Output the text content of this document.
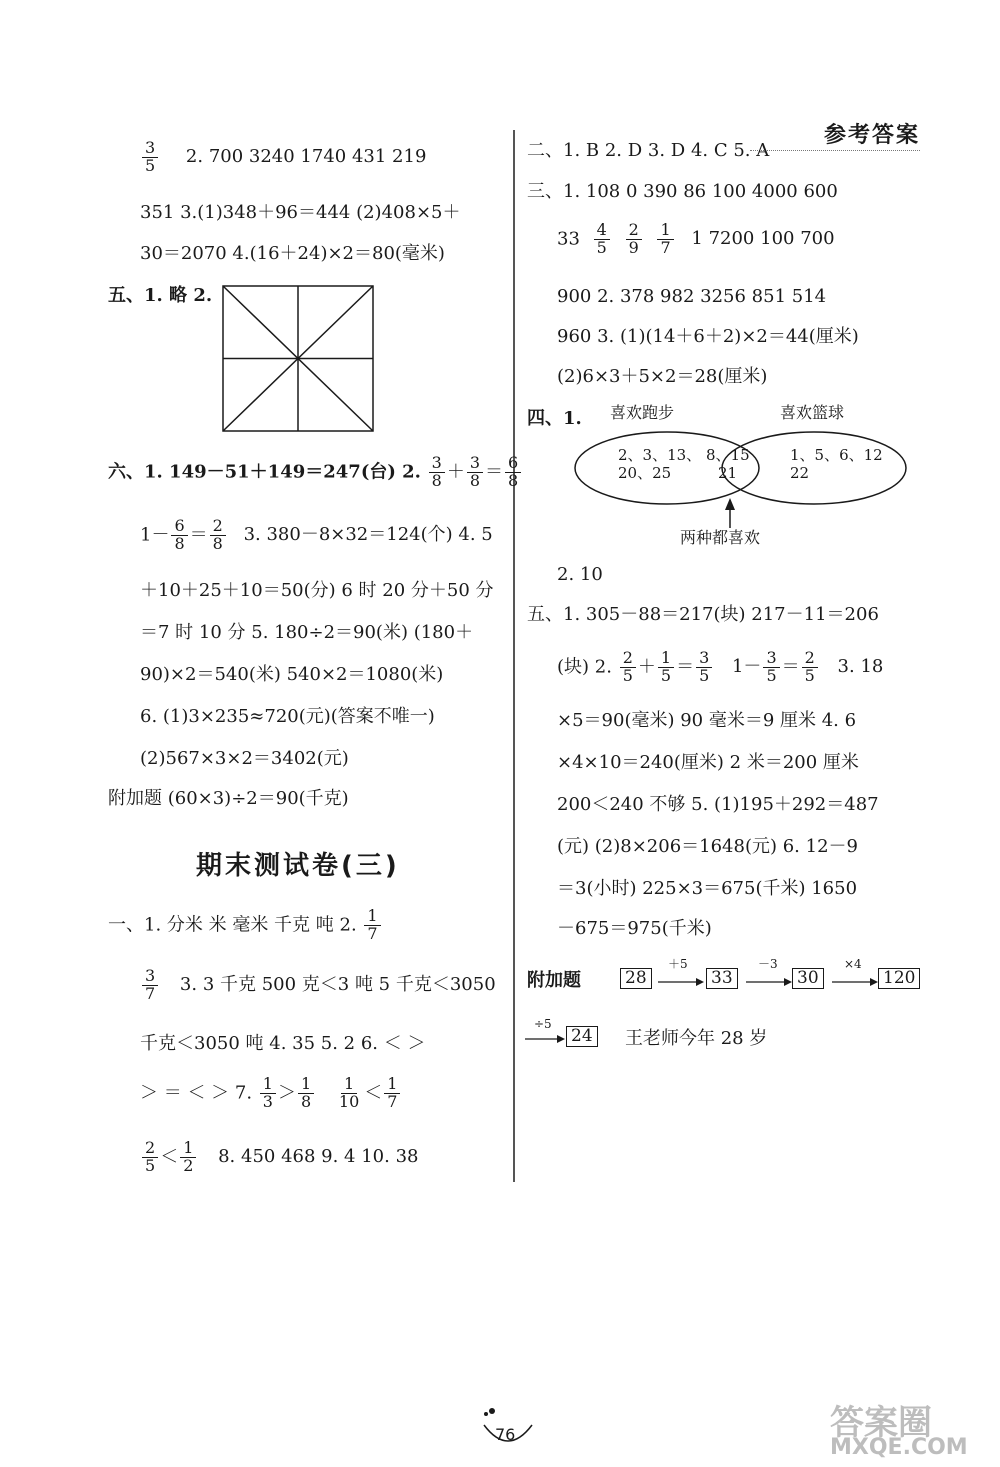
参考答案
$\frac{3}{5} 2$. 700 3240 1740 431 219
351 3.(1)348＋96＝444 (2)408×5＋
30＝2070 4.(16＋24)×2＝80(毫米)
五、1. 略 2.
六、1. 149－51＋149＝247(台) 2. $\frac{3}{8} + \frac{3}{8} = \frac{6}{8}$
$1- \frac{6}{8} = \frac{2}{8} 3$. 380－8×32＝124(个) 4. 5
＋10＋25＋10＝50(分) 6 时 20 分＋50 分
＝7 时 10 分 5. 180÷2＝90(米) (180＋
90)×2＝540(米) 540×2＝1080(米)
6. (1)3×235≈720(元)(答案不唯一)
(2)567×3×2＝3402(元)
附加题 (60×3)÷2＝90(千克)
期末测试卷(三)
一、1. 分米 米 毫米 千克 吨 2. $\frac{1}{7}$
$\frac{3}{7} 3$. 3 千克 500 克＜3 吨 5 千克＜3050
千克＜3050 吨 4. 35 5. 2 6. ＜ ＞
＞ ＝ ＜ ＞ 7. $\frac{1}{3} > \frac{1}{8}$
$\frac{1}{10} < \frac{1}{7}$
$\frac{2}{5} < \frac{1}{2} 8$. 450 468 9. 4 10. 38
二、1. B 2. D 3. D 4. C 5. A
三、1. 108 0 390 86 100 4000 600
$33 \frac{4}{5}$
$\frac{2}{9}$
$\frac{1}{7} 1$ 7200 100 700
900 2. 378 982 3256 851 514
960 3. (1)(14＋6＋2)×2＝44(厘米)
(2)6×3＋5×2＝28(厘米)
四、1. 喜欢跑步	喜欢篮球
2、3、13、
20、25
8、15
21
1、5、6、12
22
两种都喜欢
2. 10
五、1. 305－88＝217(块) 217－11＝206
(块) 2. $\frac{2}{5} + \frac{1}{5} = \frac{3}{5} 1- \frac{3}{5} = \frac{2}{5} 3$. 18
×5＝90(毫米) 90 毫米＝9 厘米 4. 6
×4×10＝240(厘米) 2 米＝200 厘米
200＜240 不够 5. (1)195＋292＝487
(元) (2)8×206＝1648(元) 6. 12－9
＝3(小时) 225×3＝675(千米) 1650
－675＝975(千米)
附加题	28
＋5
33
－3
30
×4
120
÷5
24 王老师今年 28 岁
76	答案圈
MXQE.COM
